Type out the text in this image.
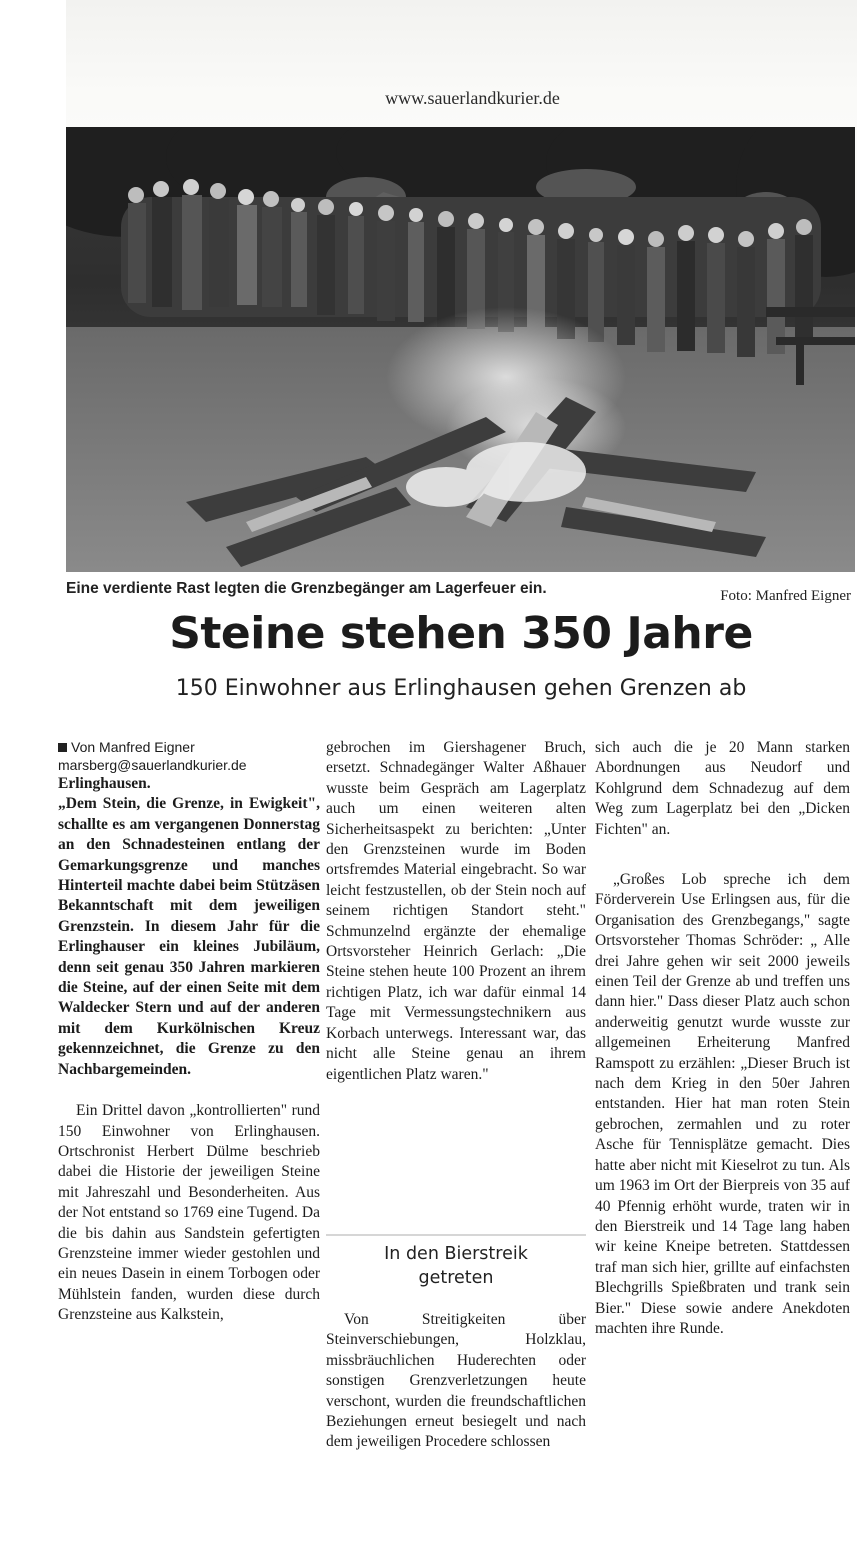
www.sauerlandkurier.de
Eine verdiente Rast legten die Grenzbegänger am Lagerfeuer ein.	Foto: Manfred Eigner
Steine stehen 350 Jahre
150 Einwohner aus Erlinghausen gehen Grenzen ab

Von Manfred Eigner

marsberg@sauerlandkurier.de

Erlinghausen.

„Dem Stein, die Grenze, in Ewigkeit", schallte es am vergangenen Donnerstag an den Schnadesteinen entlang der Gemarkungsgrenze und manches Hinterteil machte dabei beim Stützäsen Bekanntschaft mit dem jeweiligen Grenzstein. In diesem Jahr für die Erlinghauser ein kleines Jubiläum, denn seit genau 350 Jahren markieren die Steine, auf der einen Seite mit dem Waldecker Stern und auf der anderen mit dem Kurkölnischen Kreuz gekennzeichnet, die Grenze zu den Nachbargemeinden.

Ein Drittel davon „kontrollierten" rund 150 Einwohner von Erlinghausen. Ortschronist Herbert Dülme beschrieb dabei die Historie der jeweiligen Steine mit Jahreszahl und Besonderheiten. Aus der Not entstand so 1769 eine Tugend. Da die bis dahin aus Sandstein gefertigten Grenzsteine immer wieder gestohlen und ein neues Dasein in einem Torbogen oder Mühlstein fanden, wurden diese durch Grenzsteine aus Kalkstein,

gebrochen im Giershagener Bruch, ersetzt. Schnadegänger Walter Aßhauer wusste beim Gespräch am Lagerplatz auch um einen weiteren alten Sicherheitsaspekt zu berichten: „Unter den Grenzsteinen wurde im Boden ortsfremdes Material eingebracht. So war leicht festzustellen, ob der Stein noch auf seinem richtigen Standort steht." Schmunzelnd ergänzte der ehemalige Ortsvorsteher Heinrich Gerlach: „Die Steine stehen heute 100 Prozent an ihrem richtigen Platz, ich war dafür einmal 14 Tage mit Vermessungstechnikern aus Korbach unterwegs. Interessant war, das nicht alle Steine genau an ihrem eigentlichen Platz waren."

In den Bierstreik
getreten

Von Streitigkeiten über Steinverschiebungen, Holzklau, missbräuchlichen Huderechten oder sonstigen Grenzverletzungen heute verschont, wurden die freundschaftlichen Beziehungen erneut besiegelt und nach dem jeweiligen Procedere schlossen

sich auch die je 20 Mann starken Abordnungen aus Neudorf und Kohlgrund dem Schnadezug auf dem Weg zum Lagerplatz bei den „Dicken Fichten" an.

„Großes Lob spreche ich dem Förderverein Use Erlingsen aus, für die Organisation des Grenzbegangs," sagte Ortsvorsteher Thomas Schröder: „ Alle drei Jahre gehen wir seit 2000 jeweils einen Teil der Grenze ab und treffen uns dann hier." Dass dieser Platz auch schon anderweitig genutzt wurde wusste zur allgemeinen Erheiterung Manfred Ramspott zu erzählen: „Dieser Bruch ist nach dem Krieg in den 50er Jahren entstanden. Hier hat man roten Stein gebrochen, zermahlen und zu roter Asche für Tennisplätze gemacht. Dies hatte aber nicht mit Kieselrot zu tun. Als um 1963 im Ort der Bierpreis von 35 auf 40 Pfennig erhöht wurde, traten wir in den Bierstreik und 14 Tage lang haben wir keine Kneipe betreten. Stattdessen traf man sich hier, grillte auf einfachsten Blechgrills Spießbraten und trank sein Bier." Diese sowie andere Anekdoten machten ihre Runde.
